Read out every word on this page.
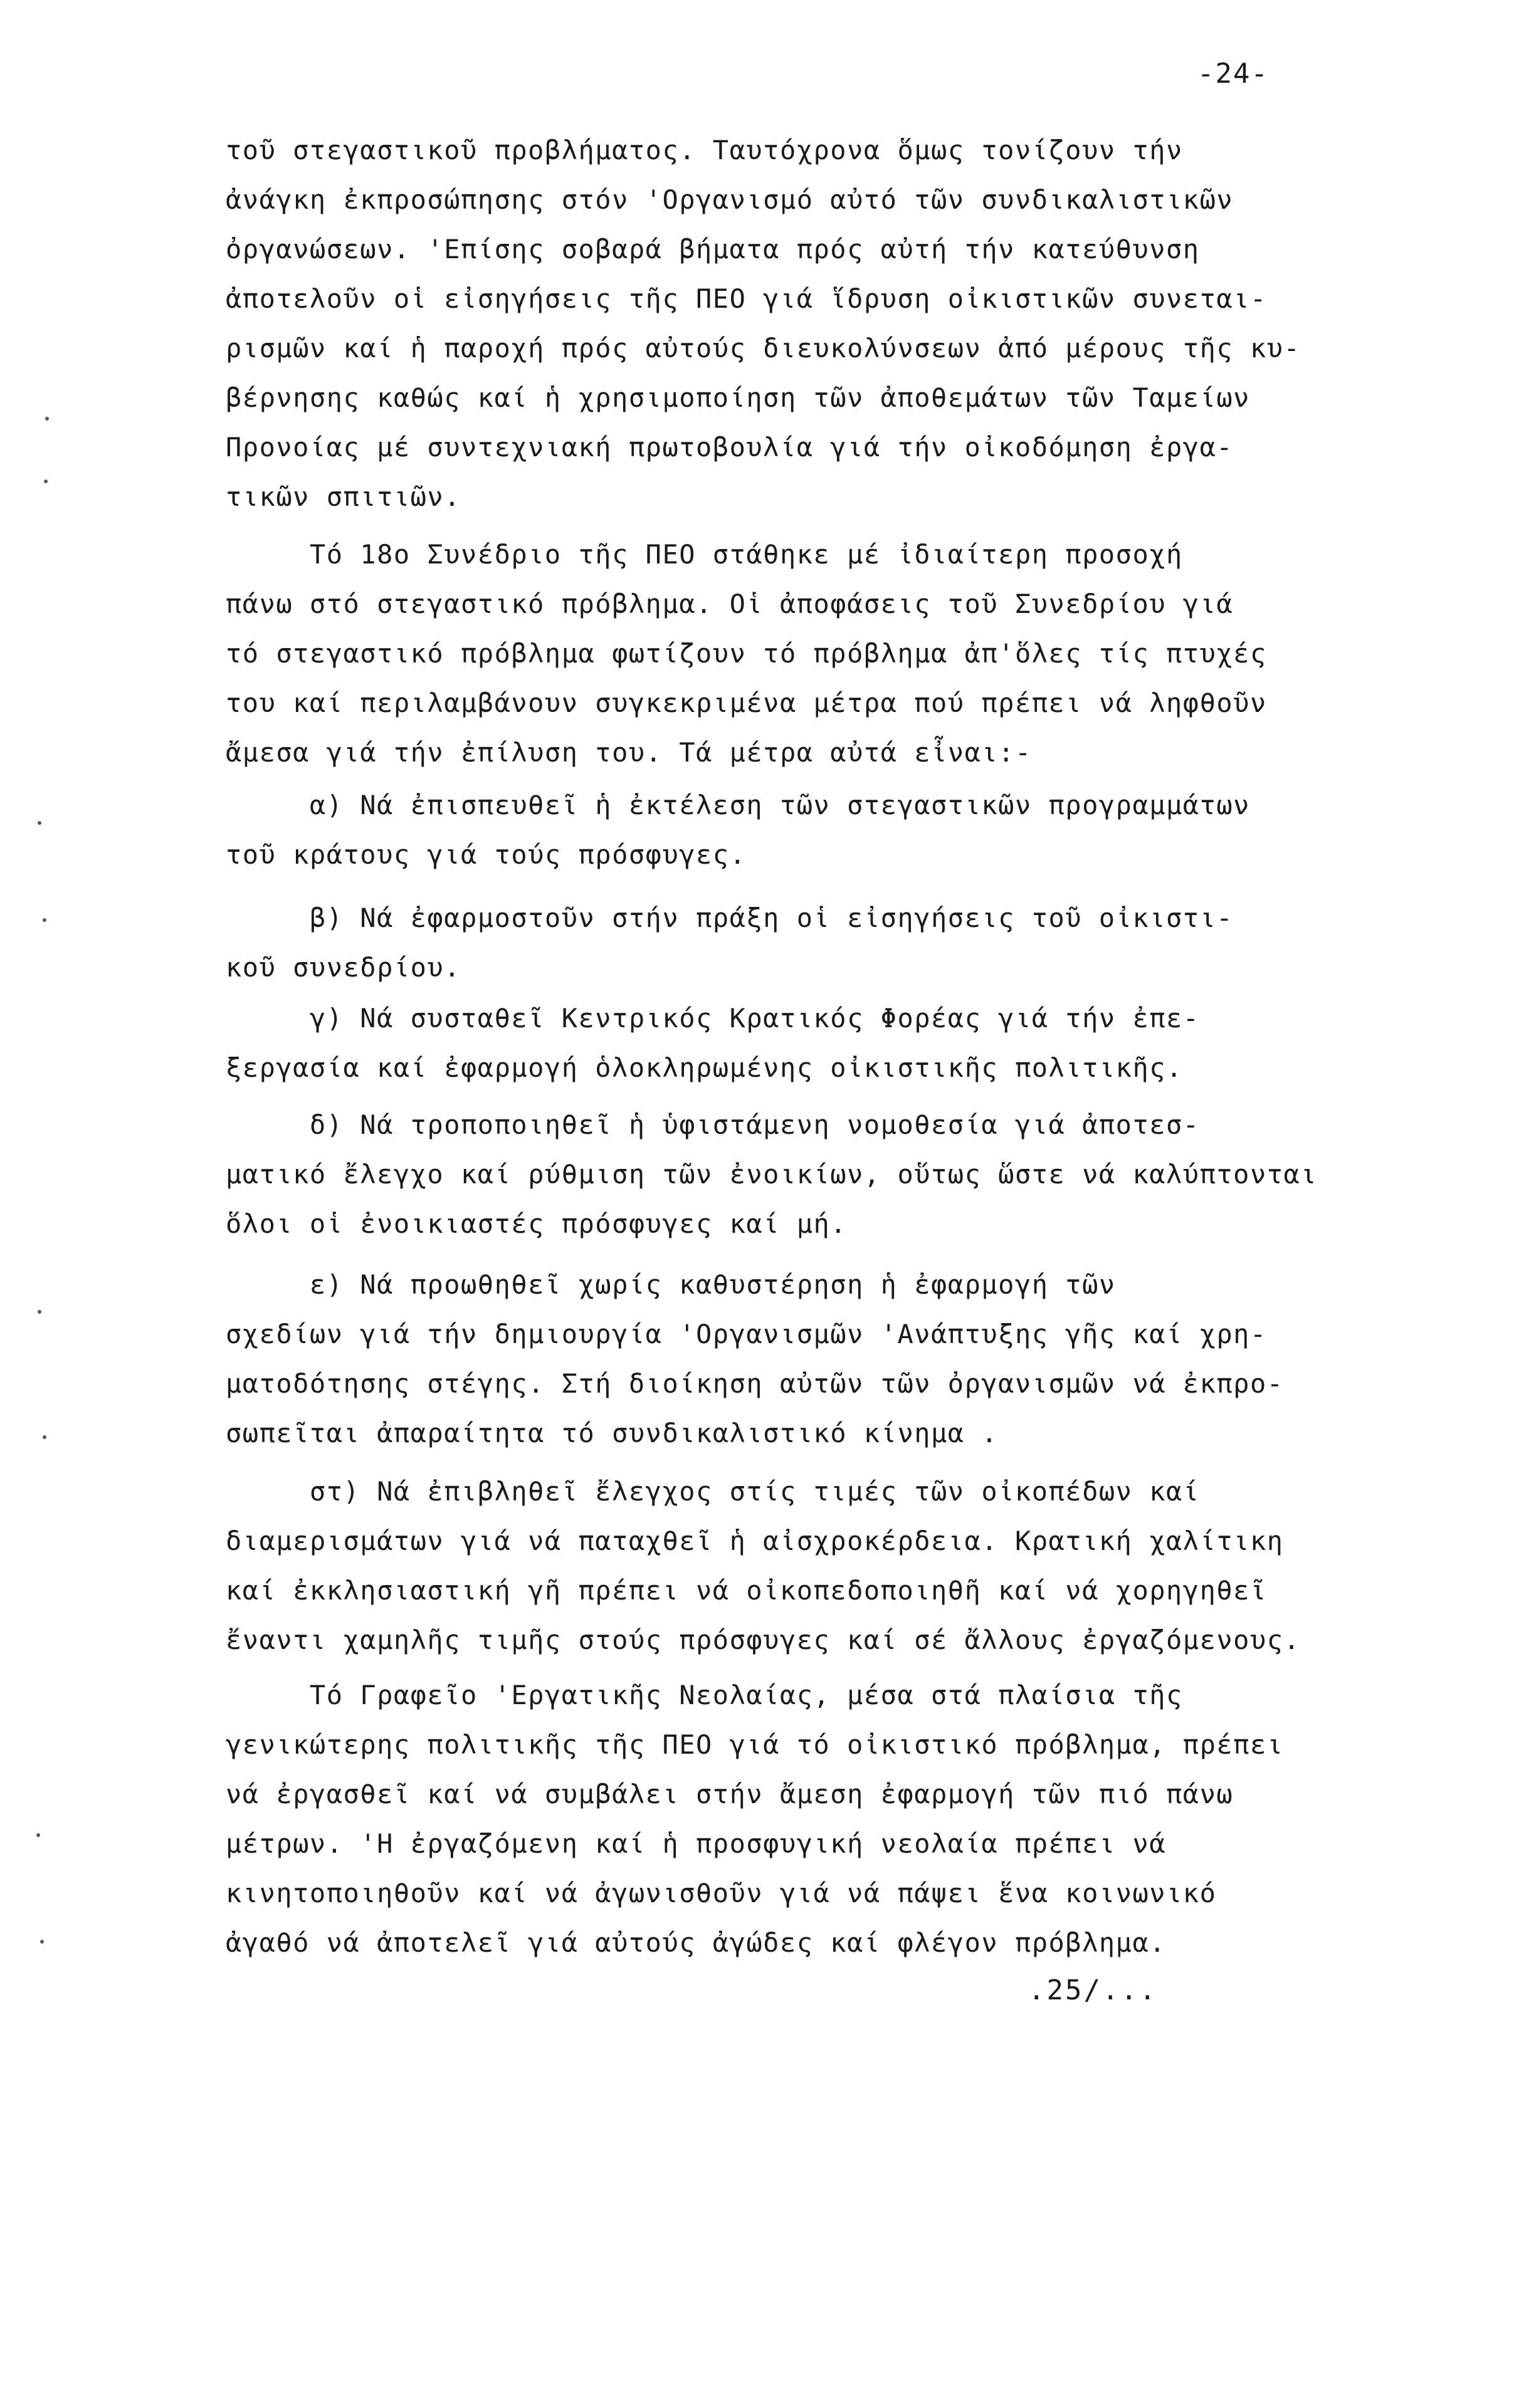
-24-
τοῦ στεγαστικοῦ προβλήματος. Ταυτόχρονα ὅμως τονίζουν τήν
ἀνάγκη ἐκπροσώπησης στόν 'Οργανισμό αὐτό τῶν συνδικαλιστικῶν
ὀργανώσεων. 'Επίσης σοβαρά βήματα πρός αὐτή τήν κατεύθυνση
ἀποτελοῦν οἱ εἰσηγήσεις τῆς ΠΕΟ γιά ἵδρυση οἰκιστικῶν συνεται-
ρισμῶν καί ἡ παροχή πρός αὐτούς διευκολύνσεων ἀπό μέρους τῆς κυ-
βέρνησης καθώς καί ἡ χρησιμοποίηση τῶν ἀποθεμάτων τῶν Ταμείων
Προνοίας μέ συντεχνιακή πρωτοβουλία γιά τήν οἰκοδόμηση ἐργα-
τικῶν σπιτιῶν.
Τό 18ο Συνέδριο τῆς ΠΕΟ στάθηκε μέ ἰδιαίτερη προσοχή
πάνω στό στεγαστικό πρόβλημα. Οἱ ἀποφάσεις τοῦ Συνεδρίου γιά
τό στεγαστικό πρόβλημα φωτίζουν τό πρόβλημα ἀπ'ὅλες τίς πτυχές
του καί περιλαμβάνουν συγκεκριμένα μέτρα πού πρέπει νά ληφθοῦν
ἄμεσα γιά τήν ἐπίλυση του. Τά μέτρα αὐτά εἶναι:-
α) Νά ἐπισπευθεῖ ἡ ἐκτέλεση τῶν στεγαστικῶν προγραμμάτων
τοῦ κράτους γιά τούς πρόσφυγες.
β) Νά ἐφαρμοστοῦν στήν πράξη οἱ εἰσηγήσεις τοῦ οἰκιστι-
κοῦ συνεδρίου.
γ) Νά συσταθεῖ Κεντρικός Κρατικός Φορέας γιά τήν ἐπε-
ξεργασία καί ἐφαρμογή ὁλοκληρωμένης οἰκιστικῆς πολιτικῆς.
δ) Νά τροποποιηθεῖ ἡ ὑφιστάμενη νομοθεσία γιά ἀποτεσ-
ματικό ἔλεγχο καί ρύθμιση τῶν ἐνοικίων, οὕτως ὥστε νά καλύπτονται
ὅλοι οἱ ἐνοικιαστές πρόσφυγες καί μή.
ε) Νά προωθηθεῖ χωρίς καθυστέρηση ἡ ἐφαρμογή τῶν
σχεδίων γιά τήν δημιουργία 'Οργανισμῶν 'Ανάπτυξης γῆς καί χρη-
ματοδότησης στέγης. Στή διοίκηση αὐτῶν τῶν ὀργανισμῶν νά ἐκπρο-
σωπεῖται ἀπαραίτητα τό συνδικαλιστικό κίνημα .
στ) Νά ἐπιβληθεῖ ἔλεγχος στίς τιμές τῶν οἰκοπέδων καί
διαμερισμάτων γιά νά παταχθεῖ ἡ αἰσχροκέρδεια. Κρατική χαλίτικη
καί ἐκκλησιαστική γῆ πρέπει νά οἰκοπεδοποιηθῆ καί νά χορηγηθεῖ
ἔναντι χαμηλῆς τιμῆς στούς πρόσφυγες καί σέ ἄλλους ἐργαζόμενους.
Τό Γραφεῖο 'Εργατικῆς Νεολαίας, μέσα στά πλαίσια τῆς
γενικώτερης πολιτικῆς τῆς ΠΕΟ γιά τό οἰκιστικό πρόβλημα, πρέπει
νά ἐργασθεῖ καί νά συμβάλει στήν ἄμεση ἐφαρμογή τῶν πιό πάνω
μέτρων. 'Η ἐργαζόμενη καί ἡ προσφυγική νεολαία πρέπει νά
κινητοποιηθοῦν καί νά ἀγωνισθοῦν γιά νά πάψει ἕνα κοινωνικό
ἀγαθό νά ἀποτελεῖ γιά αὐτούς ἀγώδες καί φλέγον πρόβλημα.
.25/...
